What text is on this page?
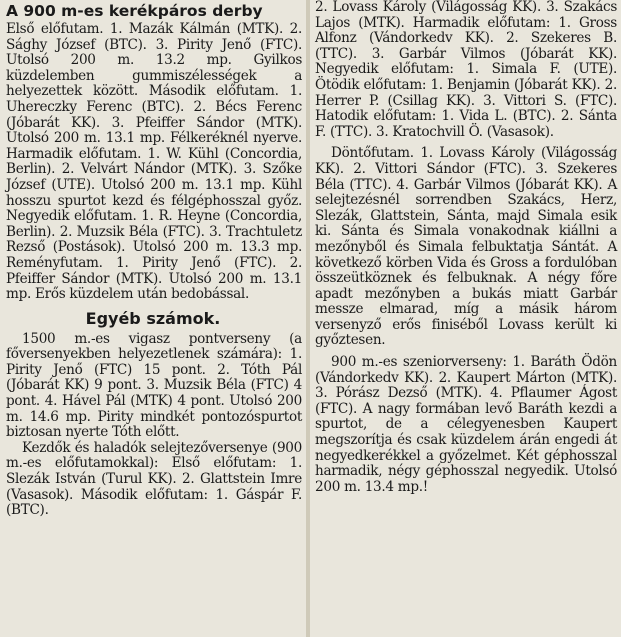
A 900 m-es kerékpáros derby

Első előfutam. 1. Mazák Kálmán (MTK). 2. Sághy József (BTC). 3. Pirity Jenő (FTC). Utolsó 200 m. 13.2 mp. Gyilkos küzdelemben gummiszélességek a helyezettek között. Második előfutam. 1. Uhereczky Ferenc (BTC). 2. Bécs Ferenc (Jóbarát KK). 3. Pfeiffer Sándor (MTK). Utolsó 200 m. 13.1 mp. Félkeréknél nyerve. Harmadik előfutam. 1. W. Kühl (Concordia, Berlin). 2. Velvárt Nándor (MTK). 3. Szőke József (UTE). Utolsó 200 m. 13.1 mp. Kühl hosszu spurtot kezd és félgéphosszal győz. Negyedik előfutam. 1. R. Heyne (Concordia, Berlin). 2. Muzsik Béla (FTC). 3. Trachtuletz Rezső (Postások). Utolsó 200 m. 13.3 mp. Reményfutam. 1. Pirity Jenő (FTC). 2. Pfeiffer Sándor (MTK). Utolsó 200 m. 13.1 mp. Erős küzdelem után bedobással.

Egyéb számok.

1500 m.-es vigasz pontverseny (a főversenyekben helyezetlenek számára): 1. Pirity Jenő (FTC) 15 pont. 2. Tóth Pál (Jóbarát KK) 9 pont. 3. Muzsik Béla (FTC) 4 pont. 4. Hável Pál (MTK) 4 pont. Utolsó 200 m. 14.6 mp. Pirity mindkét pontozóspurtot biztosan nyerte Tóth előtt.

Kezdők és haladók selejtezőversenye (900 m.-es előfutamokkal): Első előfutam: 1. Slezák István (Turul KK). 2. Glattstein Imre (Vasasok). Második előfutam: 1. Gáspár F. (BTC).

2. Lovass Károly (Világosság KK). 3. Szakács Lajos (MTK). Harmadik előfutam: 1. Gross Alfonz (Vándorkedv KK). 2. Szekeres B. (TTC). 3. Garbár Vilmos (Jóbarát KK). Negyedik előfutam: 1. Simala F. (UTE). Ötödik előfutam: 1. Benjamin (Jóbarát KK). 2. Herrer P. (Csillag KK). 3. Vittori S. (FTC). Hatodik előfutam: 1. Vida L. (BTC). 2. Sánta F. (TTC). 3. Kratochvill Ö. (Vasasok).

Döntőfutam. 1. Lovass Károly (Világosság KK). 2. Vittori Sándor (FTC). 3. Szekeres Béla (TTC). 4. Garbár Vilmos (Jóbarát KK). A selejtezésnél sorrendben Szakács, Herz, Slezák, Glattstein, Sánta, majd Simala esik ki. Sánta és Simala vonakodnak kiállni a mezőnyből és Simala felbuktatja Sántát. A következő körben Vida és Gross a fordulóban összeütköznek és felbuknak. A négy főre apadt mezőnyben a bukás miatt Garbár messze elmarad, míg a másik három versenyző erős finiséből Lovass került ki győztesen.

900 m.-es szeniorverseny: 1. Baráth Ödön (Vándorkedv KK). 2. Kaupert Márton (MTK). 3. Pórász Dezső (MTK). 4. Pflaumer Ágost (FTC). A nagy formában levő Baráth kezdi a spurtot, de a célegyenesben Kaupert megszorítja és csak küzdelem árán engedi át negyedkerékkel a győzelmet. Két géphosszal harmadik, négy géphosszal negyedik. Utolsó 200 m. 13.4 mp.!
